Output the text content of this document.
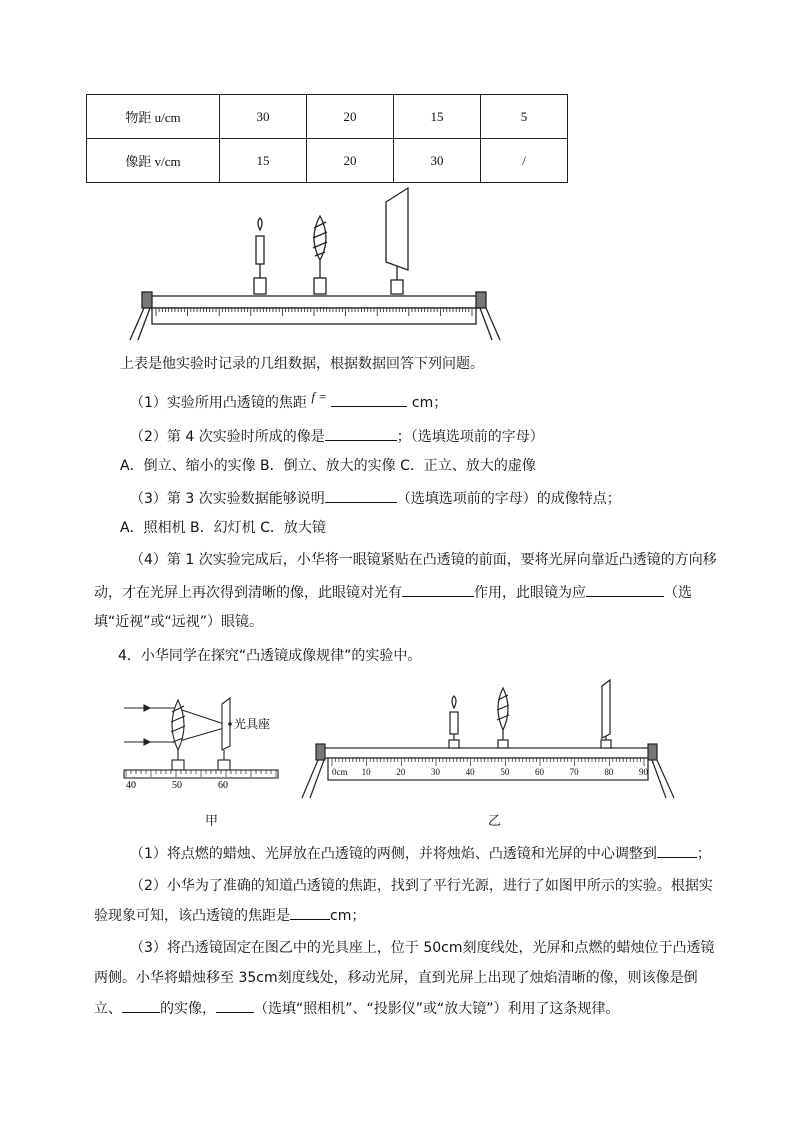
物距 u/cm	30	20	15	5
像距 v/cm	15	20	30	/
上表是他实验时记录的几组数据，根据数据回答下列问题。
（1）实验所用凸透镜的焦距 f =	cm；
（2）第 4 次实验时所成的像是	；（选填选项前的字母）
A．倒立、缩小的实像 B．倒立、放大的实像 C．正立、放大的虚像
（3）第 3 次实验数据能够说明	（选填选项前的字母）的成像特点；
A．照相机 B．幻灯机 C．放大镜
（4）第 1 次实验完成后，小华将一眼镜紧贴在凸透镜的前面，要将光屏向靠近凸透镜的方向移
动，才在光屏上再次得到清晰的像，此眼镜对光有	作用，此眼镜为应	（选
填“近视”或“远视”）眼镜。
4．小华同学在探究“凸透镜成像规律”的实验中。
光具座
40	50	60
甲
0cm 10	20	30	40	50	60	70	80	90
乙
（1）将点燃的蜡烛、光屏放在凸透镜的两侧，并将烛焰、凸透镜和光屏的中心调整到	；
（2）小华为了准确的知道凸透镜的焦距，找到了平行光源，进行了如图甲所示的实验。根据实
验现象可知，该凸透镜的焦距是	cm；
（3）将凸透镜固定在图乙中的光具座上，位于 50cm刻度线处，光屏和点燃的蜡烛位于凸透镜
两侧。小华将蜡烛移至 35cm刻度线处，移动光屏，直到光屏上出现了烛焰清晰的像，则该像是倒
立、	的实像，	（选填“照相机”、“投影仪”或“放大镜”）利用了这条规律。
